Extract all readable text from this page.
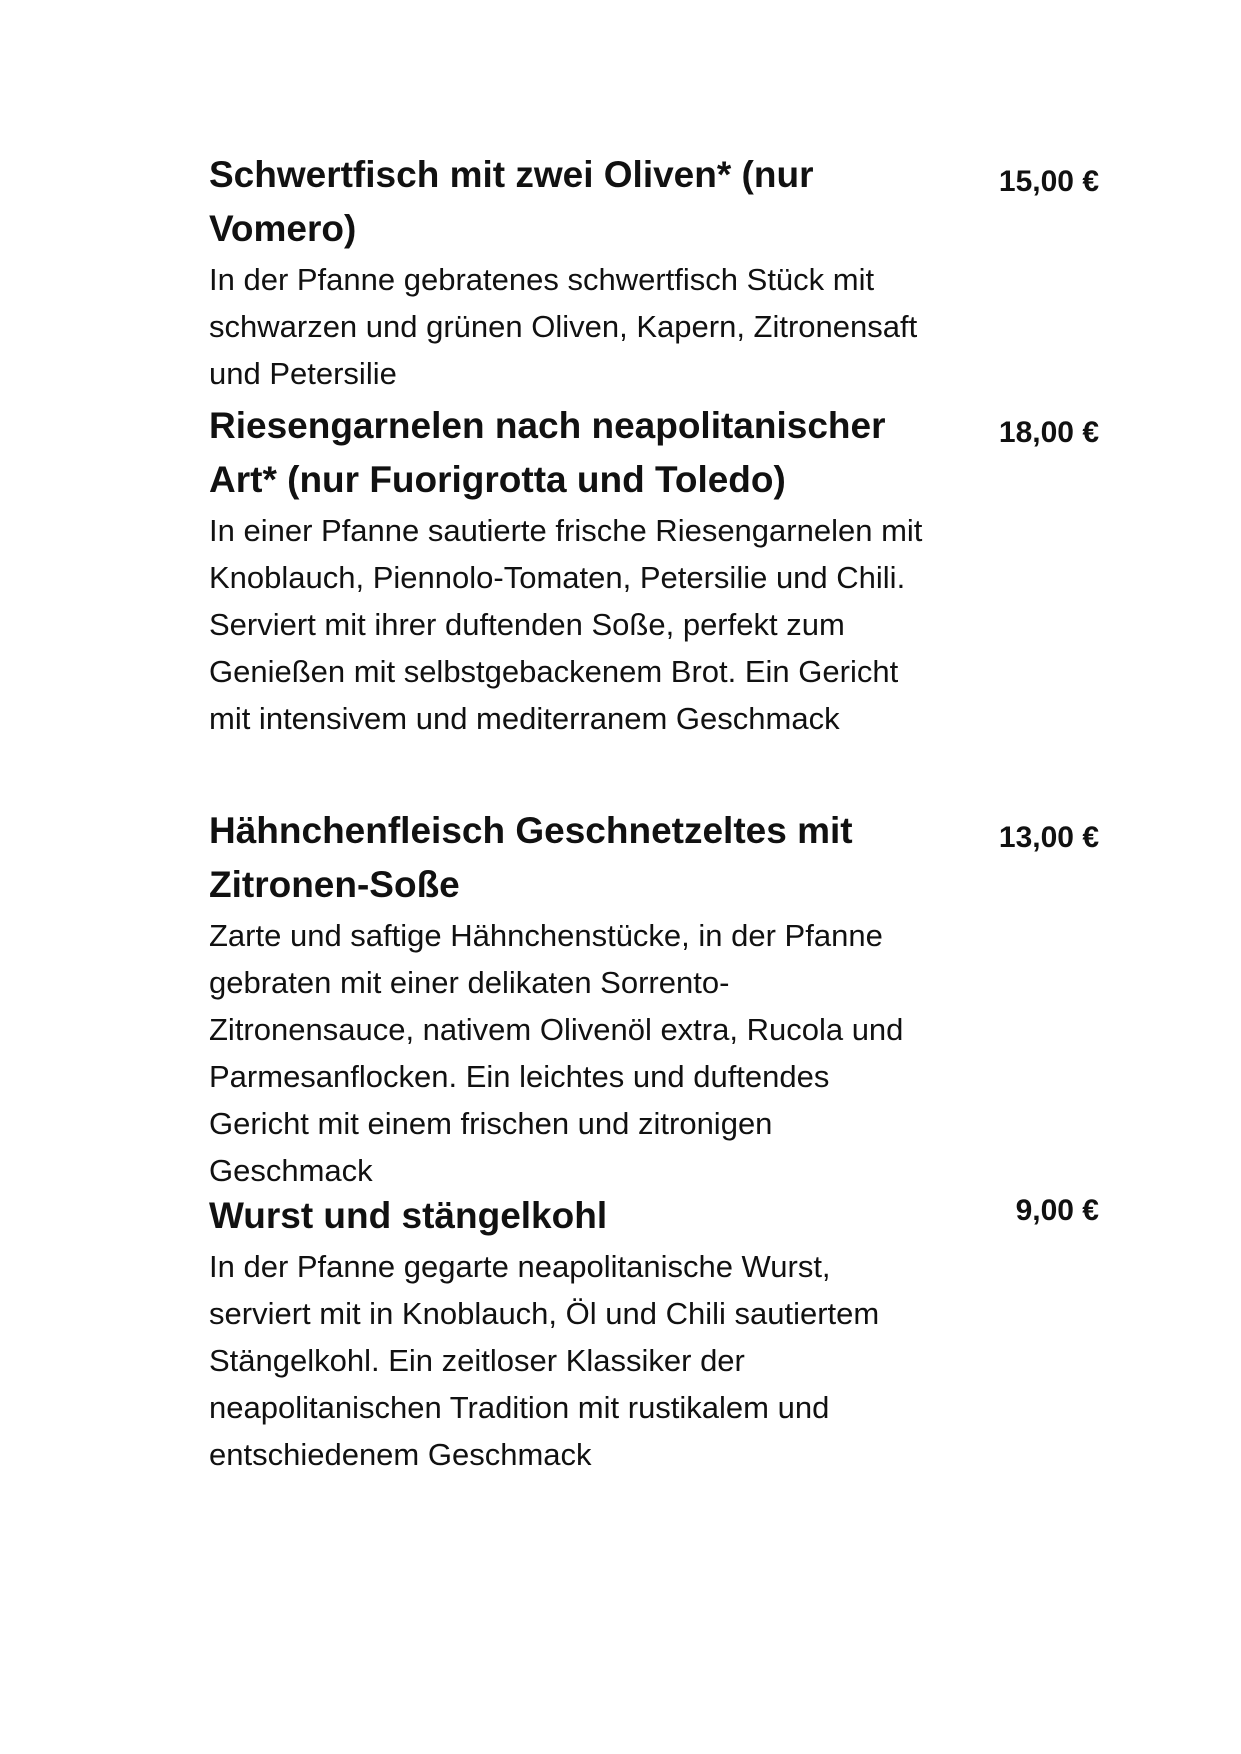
Schwertfisch mit zwei Oliven* (nur Vomero)

In der Pfanne gebratenes schwertfisch Stück mit schwarzen und grünen Oliven, Kapern, Zitronensaft und Petersilie

15,00 €

Riesengarnelen nach neapolitanischer Art* (nur Fuorigrotta und Toledo)

In einer Pfanne sautierte frische Riesengarnelen mit Knoblauch, Piennolo-Tomaten, Petersilie und Chili. Serviert mit ihrer duftenden Soße, perfekt zum Genießen mit selbstgebackenem Brot. Ein Gericht mit intensivem und mediterranem Geschmack

18,00 €

Hähnchenfleisch Geschnetzeltes mit Zitronen-Soße

Zarte und saftige Hähnchenstücke, in der Pfanne gebraten mit einer delikaten Sorrento-Zitronensauce, nativem Olivenöl extra, Rucola und Parmesanflocken. Ein leichtes und duftendes Gericht mit einem frischen und zitronigen Geschmack

13,00 €

Wurst und stängelkohl

In der Pfanne gegarte neapolitanische Wurst, serviert mit in Knoblauch, Öl und Chili sautiertem Stängelkohl. Ein zeitloser Klassiker der neapolitanischen Tradition mit rustikalem und entschiedenem Geschmack

9,00 €
